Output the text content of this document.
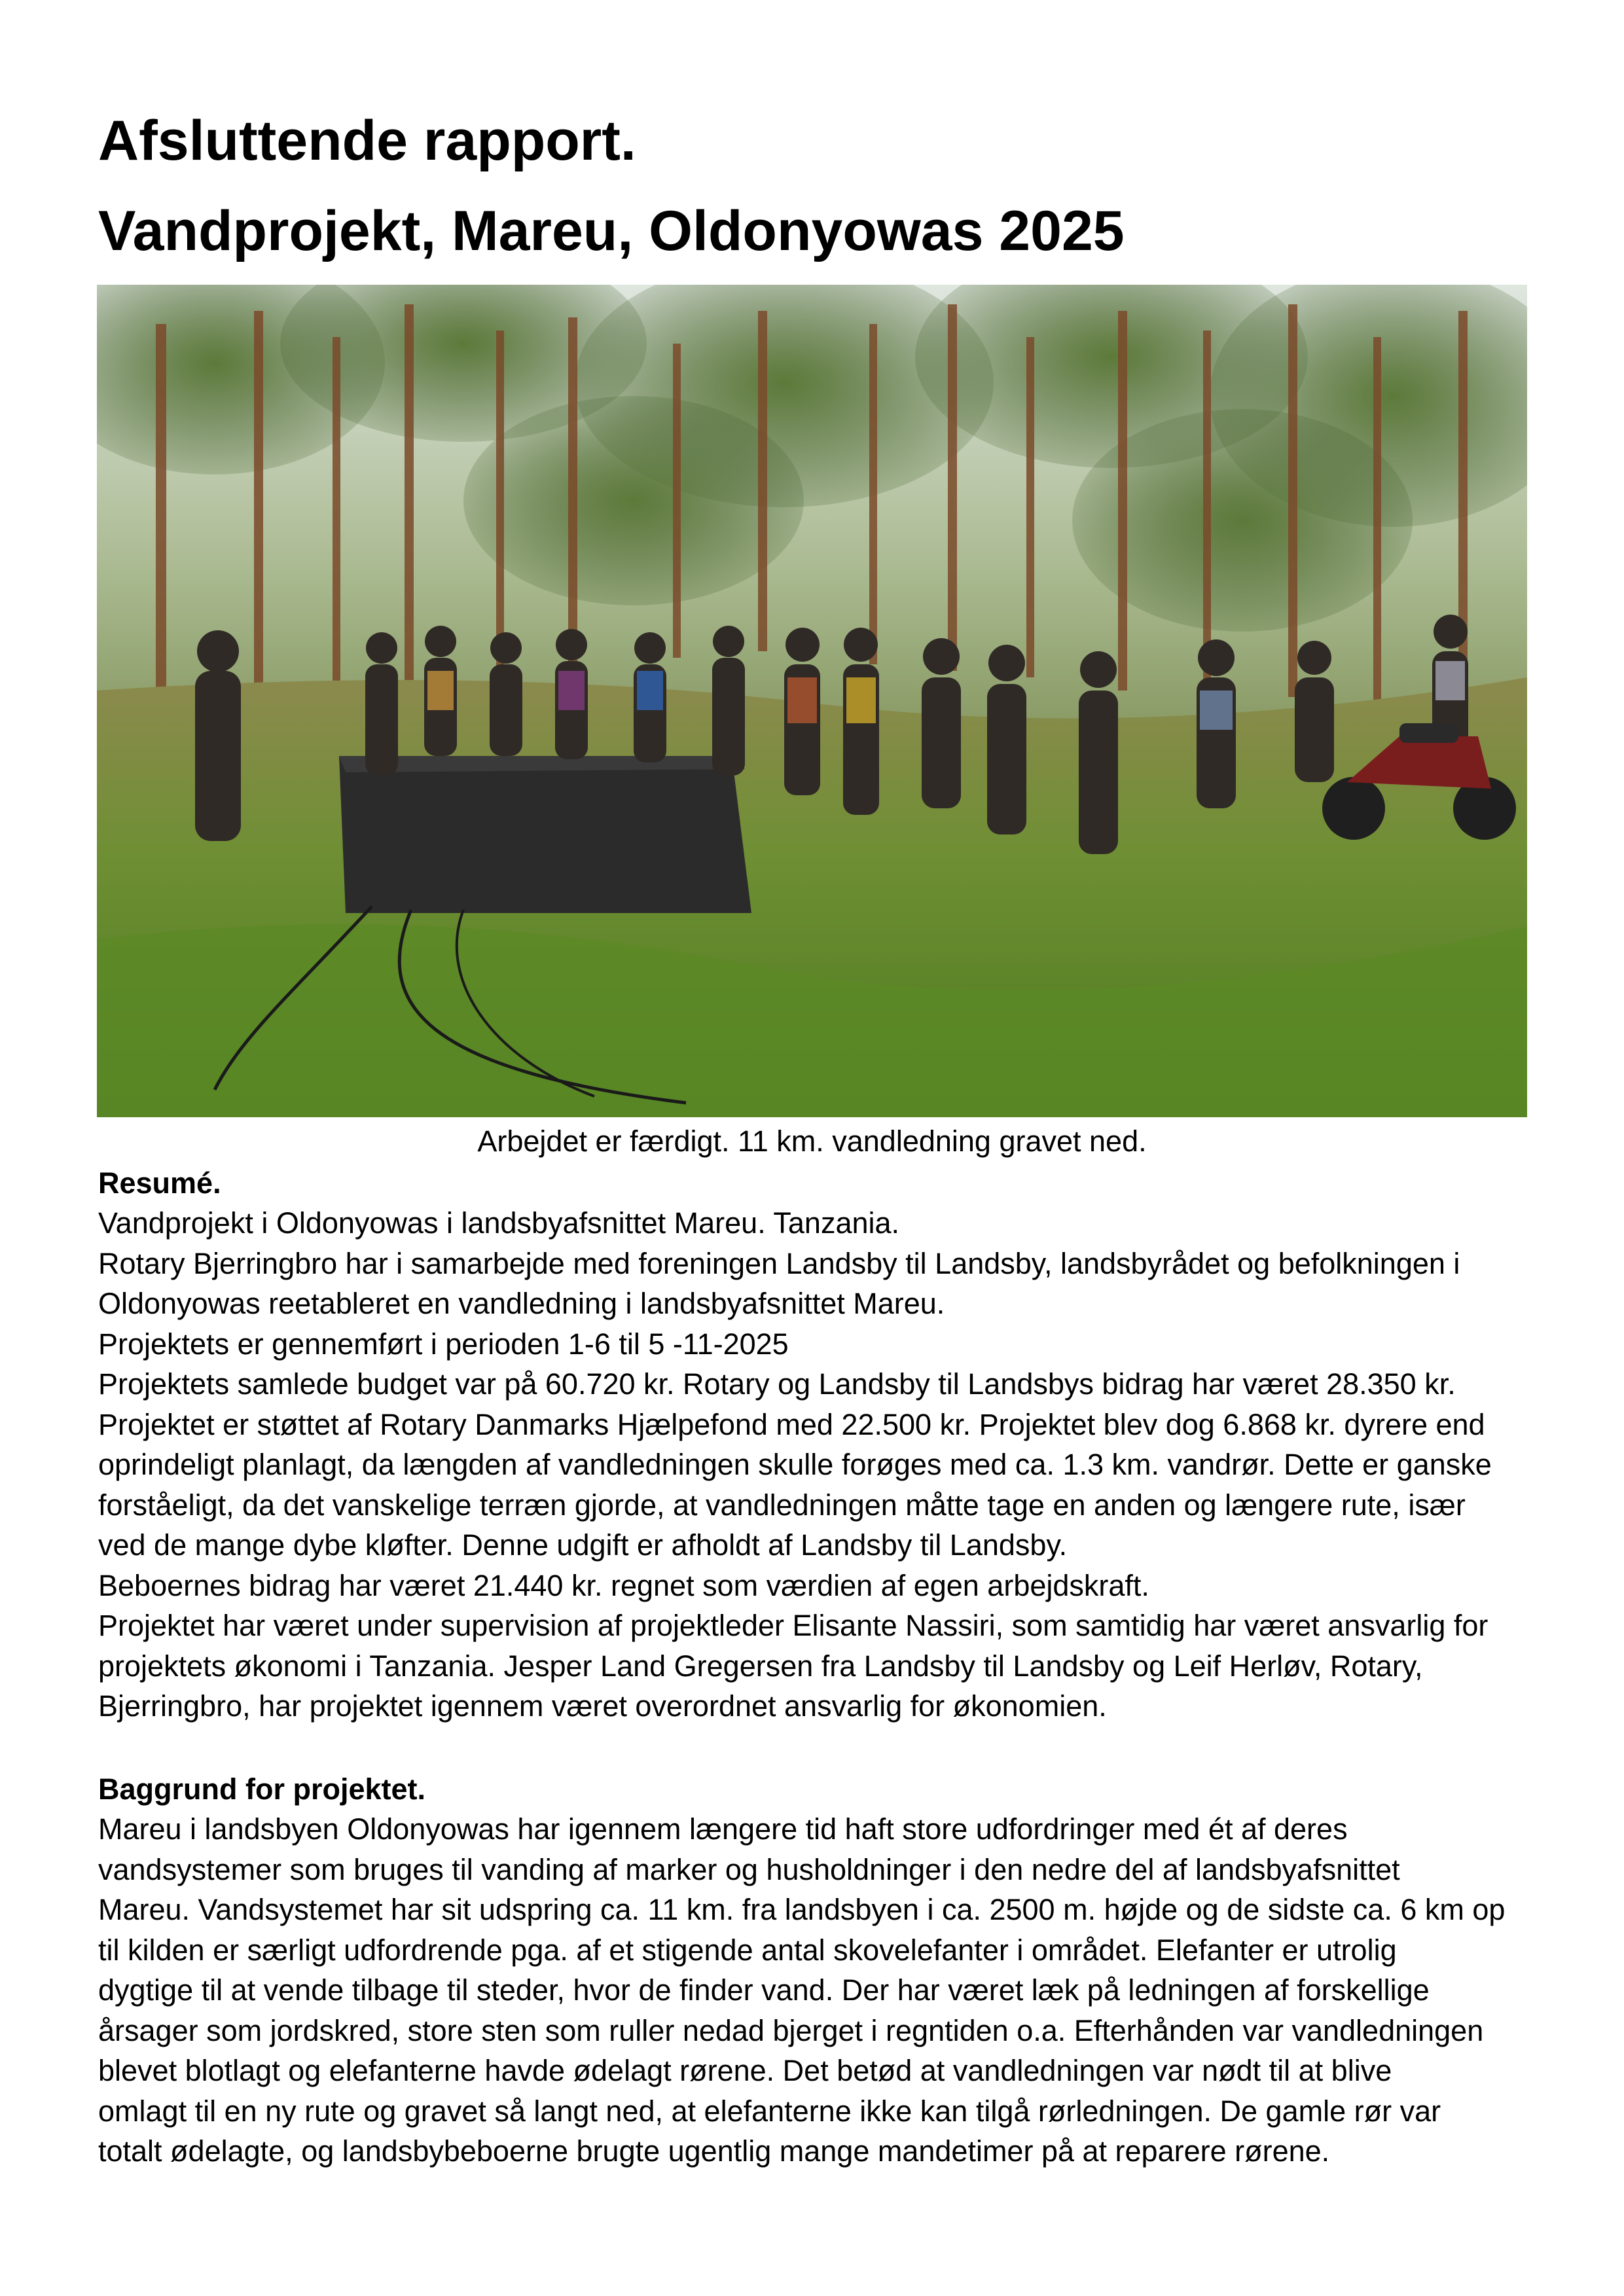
Afsluttende rapport.
Vandprojekt, Mareu, Oldonyowas 2025
Arbejdet er færdigt. 11 km. vandledning gravet ned.
Resumé.
Vandprojekt i Oldonyowas i landsbyafsnittet Mareu. Tanzania.
Rotary Bjerringbro har i samarbejde med foreningen Landsby til Landsby, landsbyrådet og befolkningen i
Oldonyowas reetableret en vandledning i landsbyafsnittet Mareu.
Projektets er gennemført i perioden 1-6 til 5 -11-2025
Projektets samlede budget var på 60.720 kr. Rotary og Landsby til Landsbys bidrag har været 28.350 kr.
Projektet er støttet af Rotary Danmarks Hjælpefond med 22.500 kr. Projektet blev dog 6.868 kr. dyrere end
oprindeligt planlagt, da længden af vandledningen skulle forøges med ca. 1.3 km. vandrør. Dette er ganske
forståeligt, da det vanskelige terræn gjorde, at vandledningen måtte tage en anden og længere rute, især
ved de mange dybe kløfter. Denne udgift er afholdt af Landsby til Landsby.
Beboernes bidrag har været 21.440 kr. regnet som værdien af egen arbejdskraft.
Projektet har været under supervision af projektleder Elisante Nassiri, som samtidig har været ansvarlig for
projektets økonomi i Tanzania. Jesper Land Gregersen fra Landsby til Landsby og Leif Herløv, Rotary,
Bjerringbro, har projektet igennem været overordnet ansvarlig for økonomien.
Baggrund for projektet.
Mareu i landsbyen Oldonyowas har igennem længere tid haft store udfordringer med ét af deres
vandsystemer som bruges til vanding af marker og husholdninger i den nedre del af landsbyafsnittet
Mareu. Vandsystemet har sit udspring ca. 11 km. fra landsbyen i ca. 2500 m. højde og de sidste ca. 6 km op
til kilden er særligt udfordrende pga. af et stigende antal skovelefanter i området. Elefanter er utrolig
dygtige til at vende tilbage til steder, hvor de finder vand. Der har været læk på ledningen af forskellige
årsager som jordskred, store sten som ruller nedad bjerget i regntiden o.a. Efterhånden var vandledningen
blevet blotlagt og elefanterne havde ødelagt rørene. Det betød at vandledningen var nødt til at blive
omlagt til en ny rute og gravet så langt ned, at elefanterne ikke kan tilgå rørledningen. De gamle rør var
totalt ødelagte, og landsbybeboerne brugte ugentlig mange mandetimer på at reparere rørene.
